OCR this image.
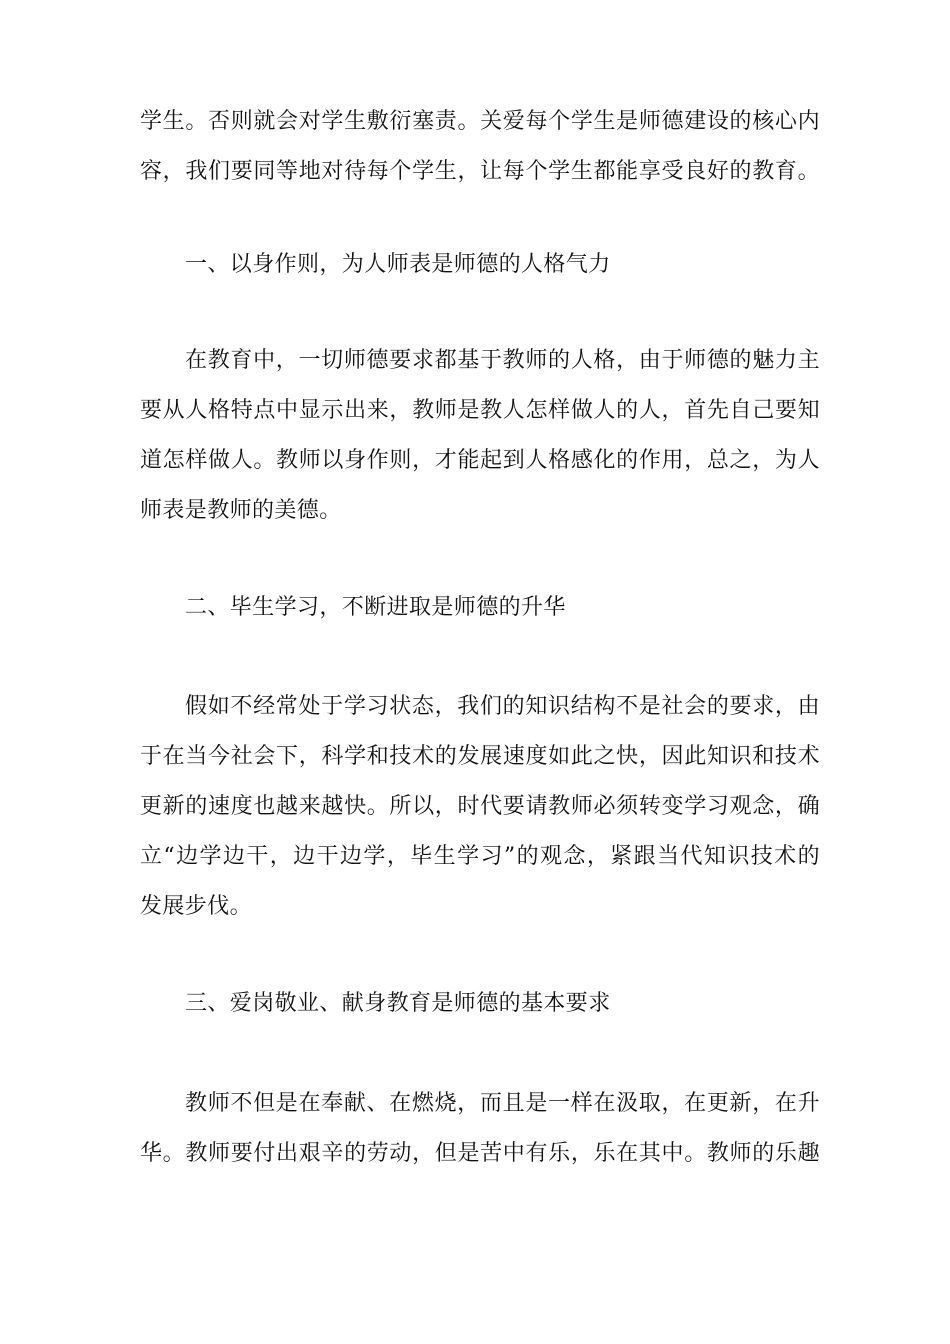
学生。否则就会对学生敷衍塞责。关爱每个学生是师德建设的核心内
容，我们要同等地对待每个学生，让每个学生都能享受良好的教育。
一、以身作则，为人师表是师德的人格气力
在教育中，一切师德要求都基于教师的人格，由于师德的魅力主
要从人格特点中显示出来，教师是教人怎样做人的人，首先自己要知
道怎样做人。教师以身作则，才能起到人格感化的作用，总之，为人
师表是教师的美德。
二、毕生学习，不断进取是师德的升华
假如不经常处于学习状态，我们的知识结构不是社会的要求，由
于在当今社会下，科学和技术的发展速度如此之快，因此知识和技术
更新的速度也越来越快。所以，时代要请教师必须转变学习观念，确
立“边学边干，边干边学，毕生学习”的观念，紧跟当代知识技术的
发展步伐。
三、爱岗敬业、献身教育是师德的基本要求
教师不但是在奉献、在燃烧，而且是一样在汲取，在更新，在升
华。教师要付出艰辛的劳动，但是苦中有乐，乐在其中。教师的乐趣
